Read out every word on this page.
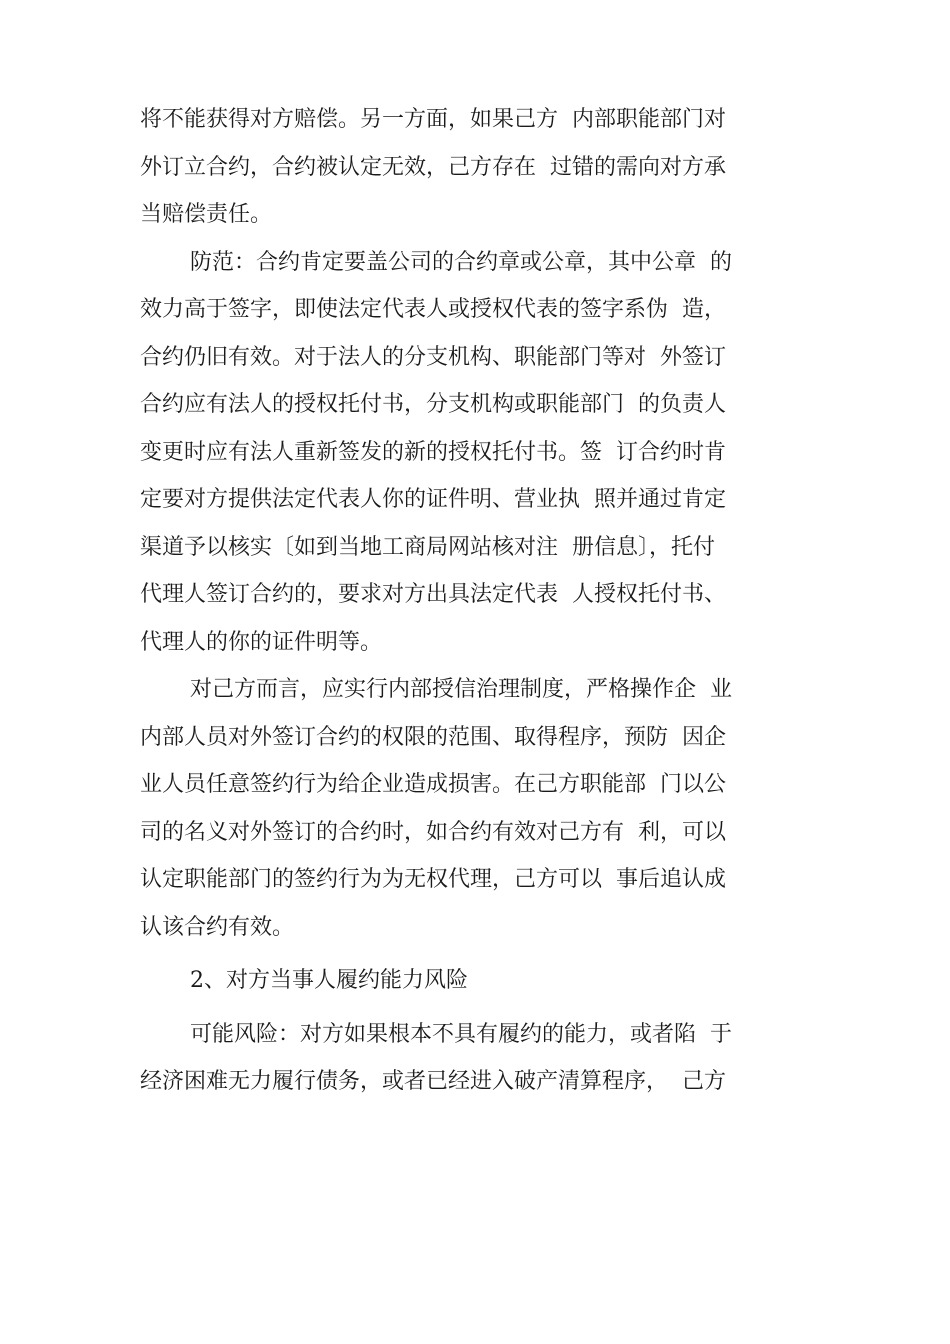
将不能获得对方赔偿。另一方面，如果己方  内部职能部门对
外订立合约，合约被认定无效，己方存在  过错的需向对方承
当赔偿责任。
防范：合约肯定要盖公司的合约章或公章，其中公章  的
效力高于签字，即使法定代表人或授权代表的签字系伪  造，
合约仍旧有效。对于法人的分支机构、职能部门等对  外签订
合约应有法人的授权托付书，分支机构或职能部门  的负责人
变更时应有法人重新签发的新的授权托付书。签  订合约时肯
定要对方提供法定代表人你的证件明、营业执  照并通过肯定
渠道予以核实〔如到当地工商局网站核对注  册信息〕，托付
代理人签订合约的，要求对方出具法定代表  人授权托付书、
代理人的你的证件明等。
对己方而言，应实行内部授信治理制度，严格操作企  业
内部人员对外签订合约的权限的范围、取得程序，预防  因企
业人员任意签约行为给企业造成损害。在己方职能部  门以公
司的名义对外签订的合约时，如合约有效对己方有  利，可以
认定职能部门的签约行为为无权代理，己方可以  事后追认成
认该合约有效。
2、对方当事人履约能力风险
可能风险：对方如果根本不具有履约的能力，或者陷  于
经济困难无力履行债务，或者已经进入破产清算程序，  己方
